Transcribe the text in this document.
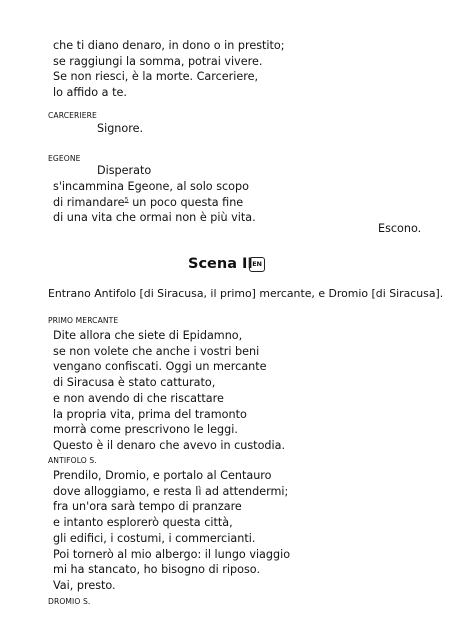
che ti diano denaro, in dono o in prestito;
se raggiungi la somma, potrai vivere.
Se non riesci, è la morte. Carceriere,
lo affido a te.
CARCERIERE
Signore.
EGEONE
Disperato
s'incammina Egeone, al solo scopo
di rimandare$^5$ un poco questa fine
di una vita che ormai non è più vita.
Escono.
Scena II EN
Entrano Antifolo [di Siracusa, il primo] mercante, e Dromio [di Siracusa].
PRIMO MERCANTE
Dite allora che siete di Epidamno,
se non volete che anche i vostri beni
vengano confiscati. Oggi un mercante
di Siracusa è stato catturato,
e non avendo di che riscattare
la propria vita, prima del tramonto
morrà come prescrivono le leggi.
Questo è il denaro che avevo in custodia.
ANTIFOLO S.
Prendilo, Dromio, e portalo al Centauro
dove alloggiamo, e resta lì ad attendermi;
fra un'ora sarà tempo di pranzare
e intanto esplorerò questa città,
gli edifici, i costumi, i commercianti.
Poi tornerò al mio albergo: il lungo viaggio
mi ha stancato, ho bisogno di riposo.
Vai, presto.
DROMIO S.
